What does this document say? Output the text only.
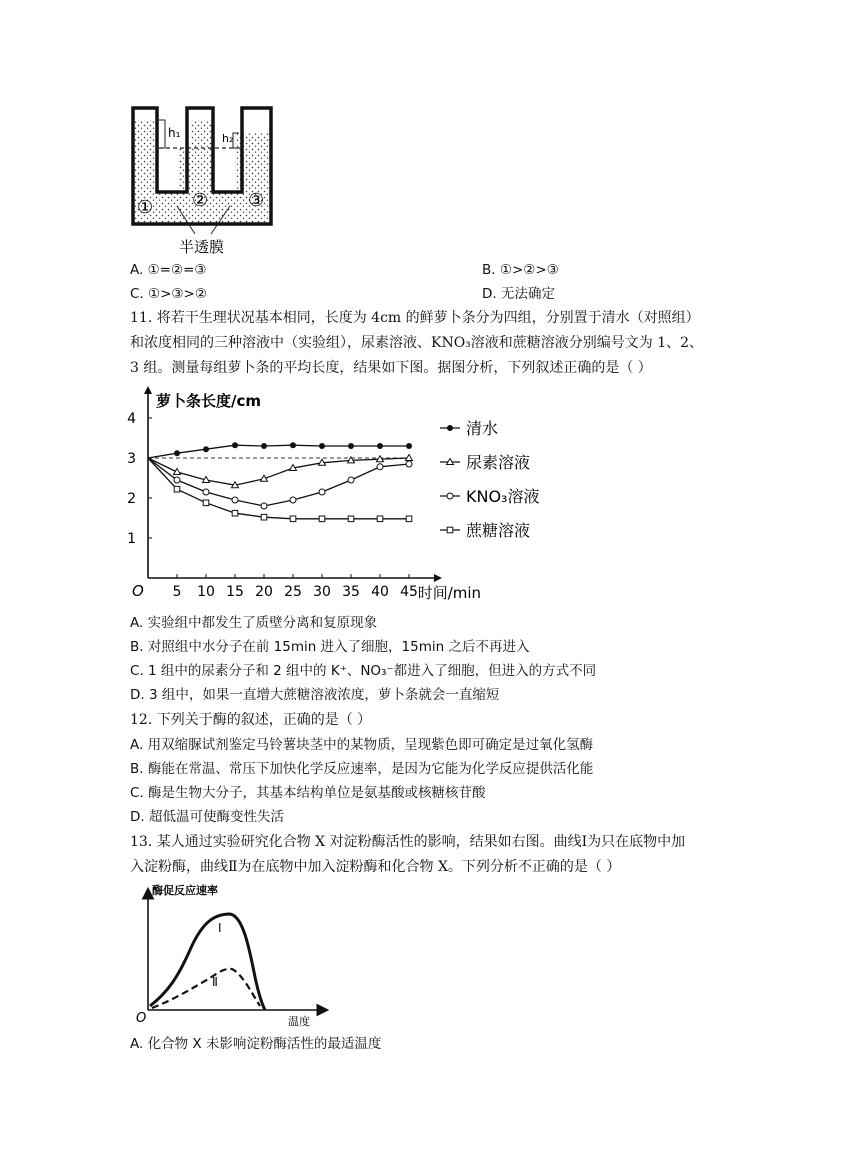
h₁	h₂
① ② ③
半透膜
A. ①=②=③	B. ①>②>③
C. ①>③>②	D. 无法确定
11. 将若干生理状况基本相同，长度为 4cm 的鲜萝卜条分为四组，分别置于清水（对照组）
和浓度相同的三种溶液中（实验组），尿素溶液、KNO₃溶液和蔗糖溶液分别编号文为 1、2、
3 组。测量每组萝卜条的平均长度，结果如下图。据图分析，下列叙述正确的是（ ）
5 10 15 20 25 30 35 40 45
1
2
3
4	清水
尿素溶液
KNO₃溶液
蔗糖溶液
萝卜条长度/cm
时间/min
O
A. 实验组中都发生了质壁分离和复原现象
B. 对照组中水分子在前 15min 进入了细胞，15min 之后不再进入
C. 1 组中的尿素分子和 2 组中的 K⁺、NO₃⁻都进入了细胞，但进入的方式不同
D. 3 组中，如果一直增大蔗糖溶液浓度，萝卜条就会一直缩短
12. 下列关于酶的叙述，正确的是（ ）
A. 用双缩脲试剂鉴定马铃薯块茎中的某物质，呈现紫色即可确定是过氧化氢酶
B. 酶能在常温、常压下加快化学反应速率，是因为它能为化学反应提供活化能
C. 酶是生物大分子，其基本结构单位是氨基酸或核糖核苷酸
D. 超低温可使酶变性失活
13. 某人通过实验研究化合物 X 对淀粉酶活性的影响，结果如右图。曲线Ⅰ为只在底物中加
入淀粉酶，曲线Ⅱ为在底物中加入淀粉酶和化合物 X。下列分析不正确的是（ ）
酶促反应速率
温度
O
Ⅰ
Ⅱ
A. 化合物 X 未影响淀粉酶活性的最适温度
